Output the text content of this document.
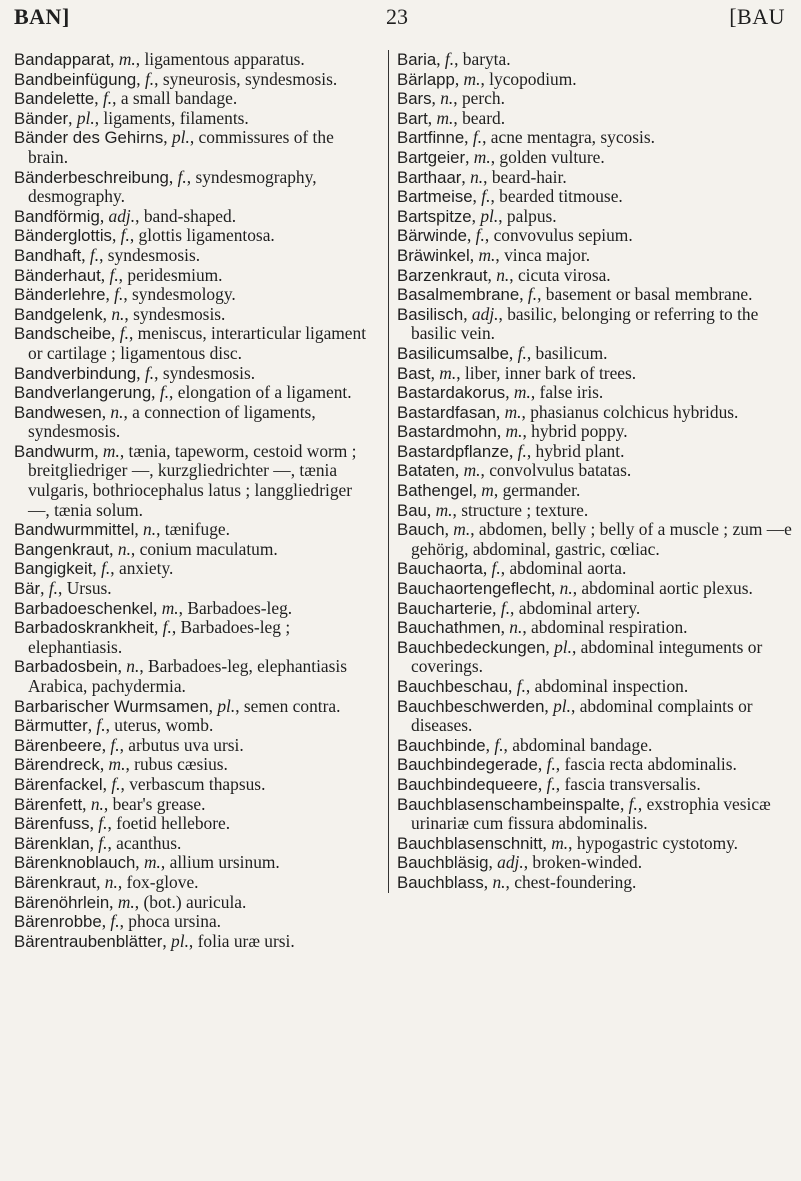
BAN]	23	[BAU

Bandapparat, m., ligamentous apparatus.

Bandbeinfügung, f., syneurosis, syndesmosis.

Bandelette, f., a small bandage.

Bänder, pl., ligaments, filaments.

Bänder des Gehirns, pl., commissures of the brain.

Bänderbeschreibung, f., syndesmography, desmography.

Bandförmig, adj., band-shaped.

Bänderglottis, f., glottis ligamentosa.

Bandhaft, f., syndesmosis.

Bänderhaut, f., peridesmium.

Bänderlehre, f., syndesmology.

Bandgelenk, n., syndesmosis.

Bandscheibe, f., meniscus, interarticular ligament or cartilage ; ligamentous disc.

Bandverbindung, f., syndesmosis.

Bandverlangerung, f., elongation of a ligament.

Bandwesen, n., a connection of ligaments, syndesmosis.

Bandwurm, m., tænia, tapeworm, cestoid worm ; breitgliedriger —, kurzgliedrichter —, tænia vulgaris, bothriocephalus latus ; langgliedriger —, tænia solum.

Bandwurmmittel, n., tænifuge.

Bangenkraut, n., conium maculatum.

Bangigkeit, f., anxiety.

Bär, f., Ursus.

Barbadoeschenkel, m., Barbadoes-leg.

Barbadoskrankheit, f., Barbadoes-leg ; elephantiasis.

Barbadosbein, n., Barbadoes-leg, elephantiasis Arabica, pachydermia.

Barbarischer Wurmsamen, pl., semen contra.

Bärmutter, f., uterus, womb.

Bärenbeere, f., arbutus uva ursi.

Bärendreck, m., rubus cæsius.

Bärenfackel, f., verbascum thapsus.

Bärenfett, n., bear's grease.

Bärenfuss, f., foetid hellebore.

Bärenklan, f., acanthus.

Bärenknoblauch, m., allium ursinum.

Bärenkraut, n., fox-glove.

Bärenöhrlein, m., (bot.) auricula.

Bärenrobbe, f., phoca ursina.

Bärentraubenblätter, pl., folia uræ ursi.

Baria, f., baryta.

Bärlapp, m., lycopodium.

Bars, n., perch.

Bart, m., beard.

Bartfinne, f., acne mentagra, sycosis.

Bartgeier, m., golden vulture.

Barthaar, n., beard-hair.

Bartmeise, f., bearded titmouse.

Bartspitze, pl., palpus.

Bärwinde, f., convovulus sepium.

Bräwinkel, m., vinca major.

Barzenkraut, n., cicuta virosa.

Basalmembrane, f., basement or basal membrane.

Basilisch, adj., basilic, belonging or referring to the basilic vein.

Basilicumsalbe, f., basilicum.

Bast, m., liber, inner bark of trees.

Bastardakorus, m., false iris.

Bastardfasan, m., phasianus colchicus hybridus.

Bastardmohn, m., hybrid poppy.

Bastardpflanze, f., hybrid plant.

Bataten, m., convolvulus batatas.

Bathengel, m, germander.

Bau, m., structure ; texture.

Bauch, m., abdomen, belly ; belly of a muscle ; zum —e gehörig, abdominal, gastric, cœliac.

Bauchaorta, f., abdominal aorta.

Bauchaortengeflecht, n., abdominal aortic plexus.

Baucharterie, f., abdominal artery.

Bauchathmen, n., abdominal respiration.

Bauchbedeckungen, pl., abdominal integuments or coverings.

Bauchbeschau, f., abdominal inspection.

Bauchbeschwerden, pl., abdominal complaints or diseases.

Bauchbinde, f., abdominal bandage.

Bauchbindegerade, f., fascia recta abdominalis.

Bauchbindequeere, f., fascia transversalis.

Bauchblasenschambeinspalte, f., exstrophia vesicæ urinariæ cum fissura abdominalis.

Bauchblasenschnitt, m., hypogastric cystotomy.

Bauchbläsig, adj., broken-winded.

Bauchblass, n., chest-foundering.
